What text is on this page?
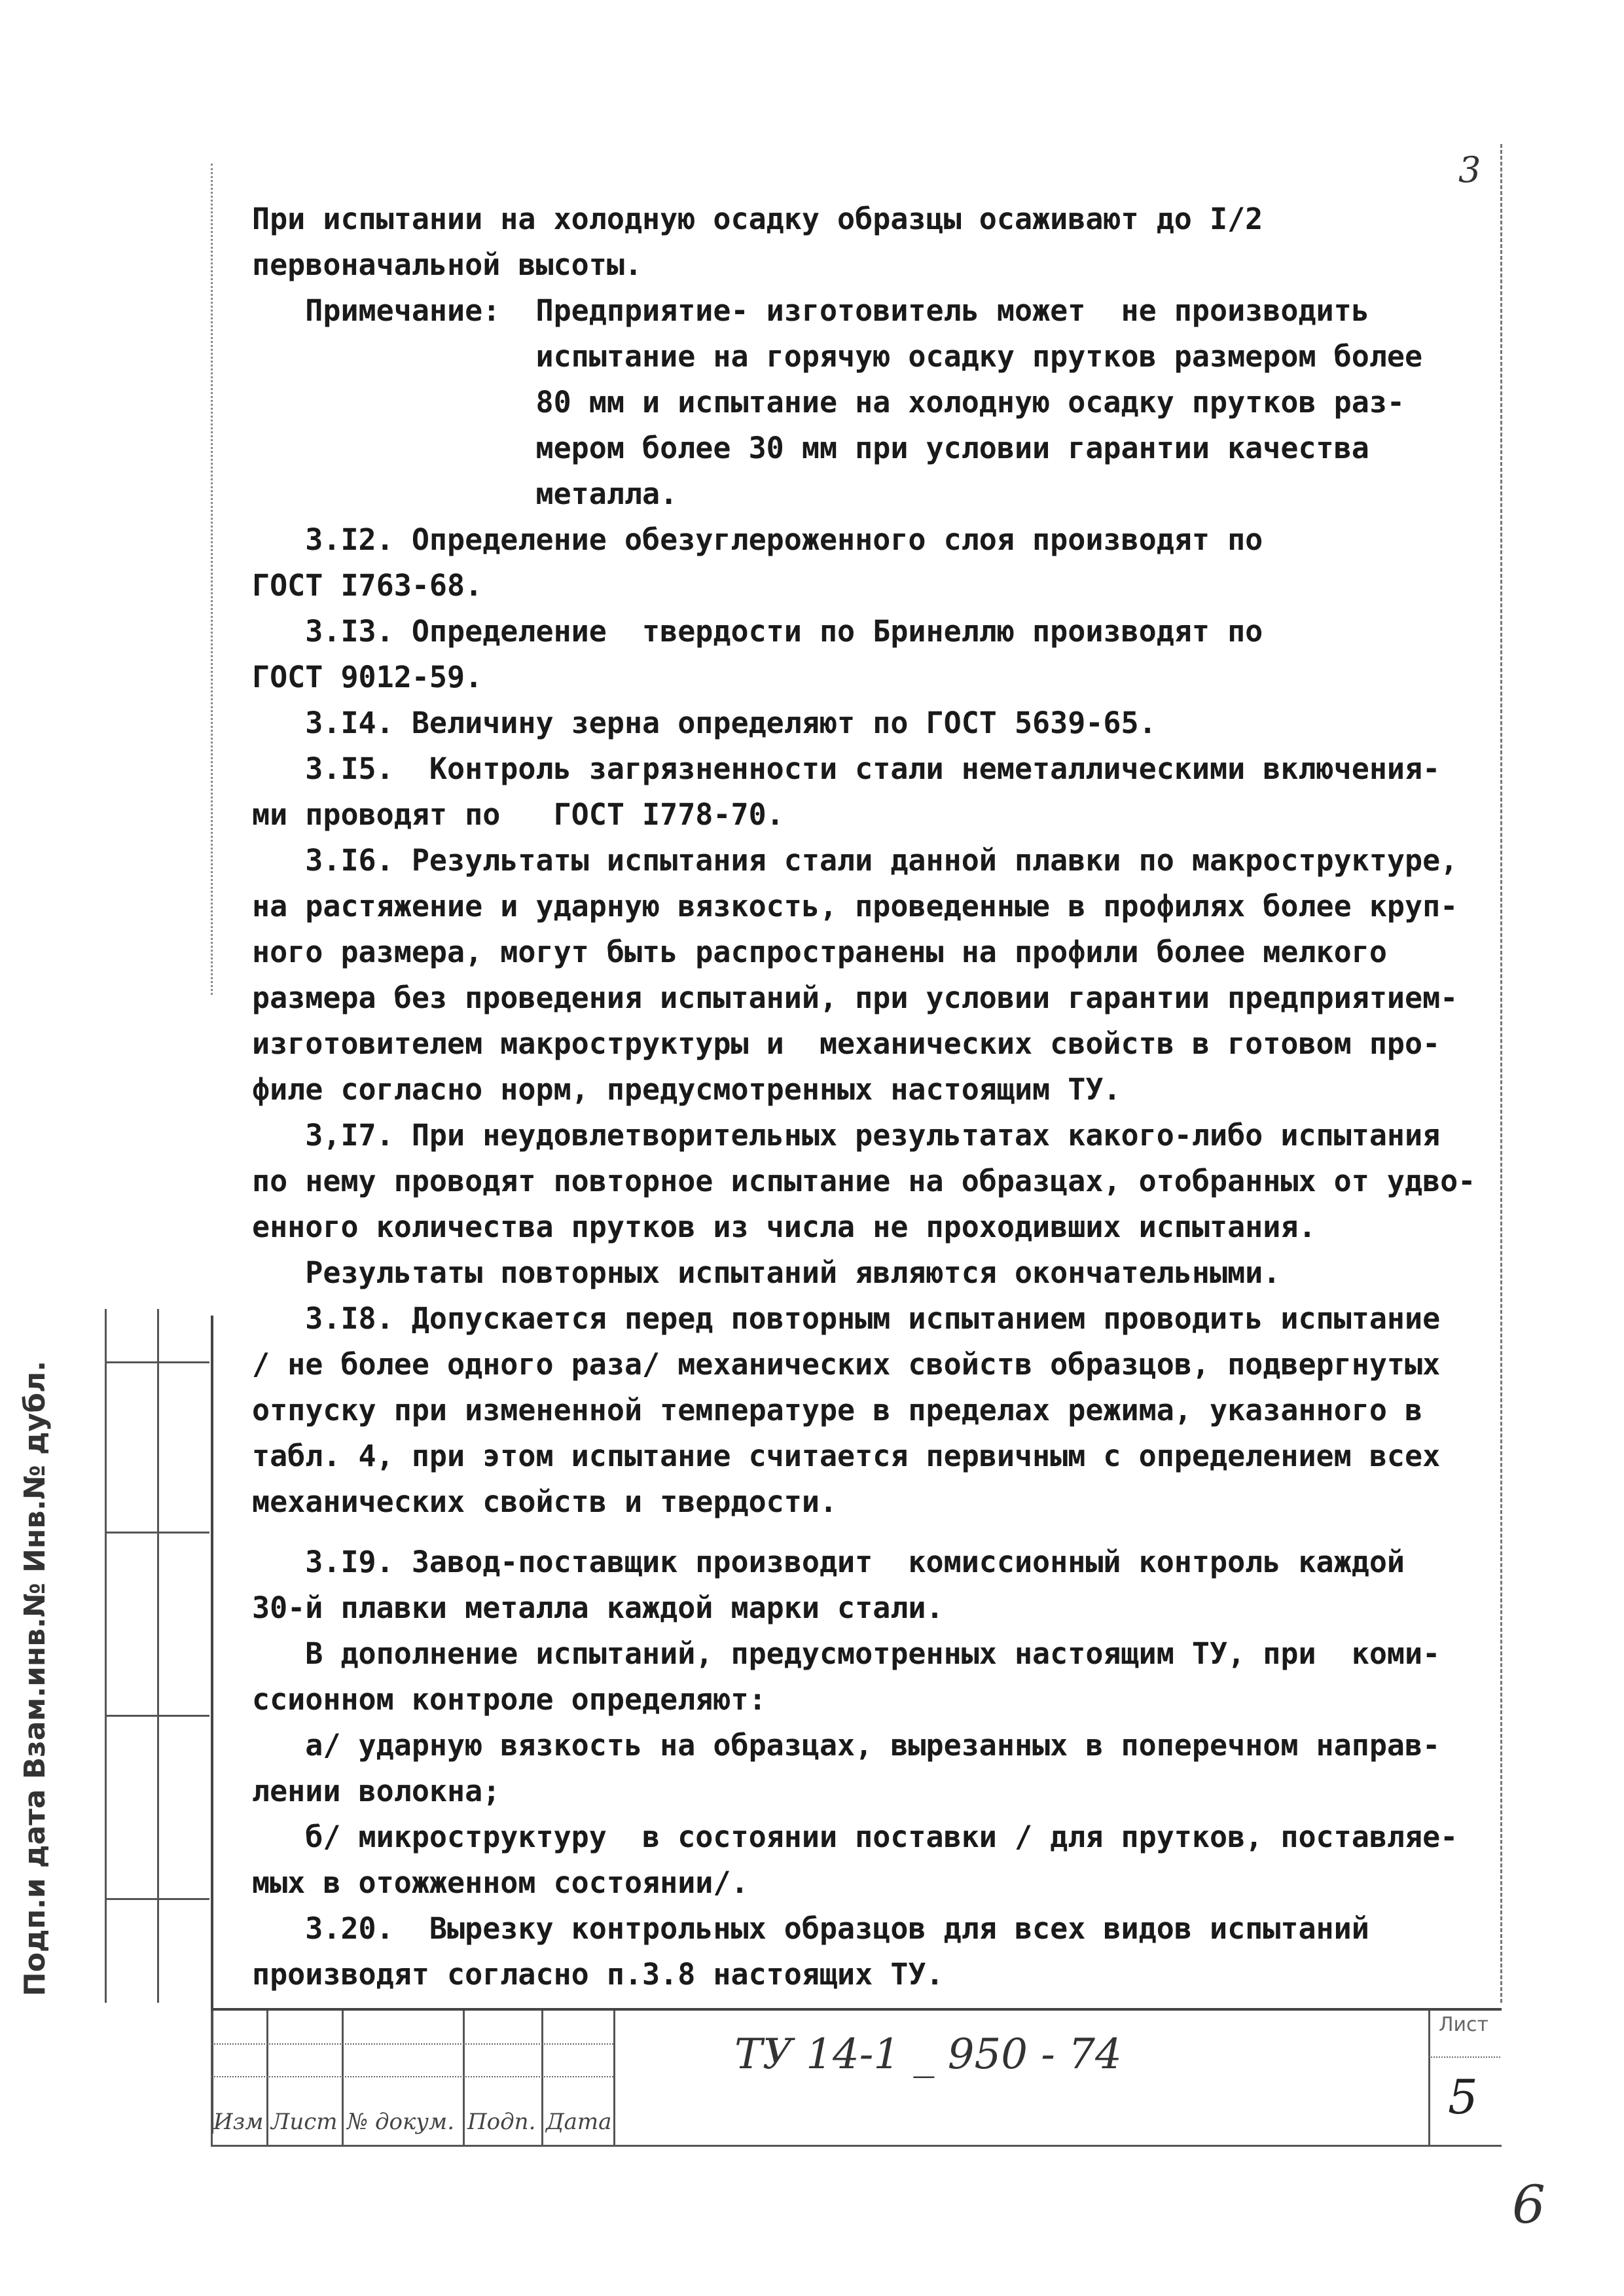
3
При испытании на холодную осадку образцы осаживают до I/2
первоначальной высоты.
Примечание:  Предприятие- изготовитель может  не производить
испытание на горячую осадку прутков размером более
80 мм и испытание на холодную осадку прутков раз-
мером более 30 мм при условии гарантии качества
металла.
3.I2. Определение обезуглероженного слоя производят по
ГОСТ I763-68.
3.I3. Определение  твердости по Бринеллю производят по
ГОСТ 9012-59.
3.I4. Величину зерна определяют по ГОСТ 5639-65.
3.I5.  Контроль загрязненности стали неметаллическими включения-
ми проводят по   ГОСТ I778-70.
3.I6. Результаты испытания стали данной плавки по макроструктуре,
на растяжение и ударную вязкость, проведенные в профилях более круп-
ного размера, могут быть распространены на профили более мелкого
размера без проведения испытаний, при условии гарантии предприятием-
изготовителем макроструктуры и  механических свойств в готовом про-
филе согласно норм, предусмотренных настоящим ТУ.
3,I7. При неудовлетворительных результатах какого-либо испытания
по нему проводят повторное испытание на образцах, отобранных от удво-
енного количества прутков из числа не проходивших испытания.
Результаты повторных испытаний являются окончательными.
3.I8. Допускается перед повторным испытанием проводить испытание
/ не более одного раза/ механических свойств образцов, подвергнутых
отпуску при измененной температуре в пределах режима, указанного в
табл. 4, при этом испытание считается первичным с определением всех
механических свойств и твердости.
3.I9. Завод-поставщик производит  комиссионный контроль каждой
30-й плавки металла каждой марки стали.
В дополнение испытаний, предусмотренных настоящим ТУ, при  коми-
ссионном контроле определяют:
а/ ударную вязкость на образцах, вырезанных в поперечном направ-
лении волокна;
б/ микроструктуру  в состоянии поставки / для прутков, поставляе-
мых в отожженном состоянии/.
3.20.  Вырезку контрольных образцов для всех видов испытаний
производят согласно п.3.8 настоящих ТУ.
Подп.и дата Взам.инв.№ Инв.№ дубл.
Изм Лист № докум. Подп. Дата
ТУ 14-1 _ 950 - 74
Лист
5
6
